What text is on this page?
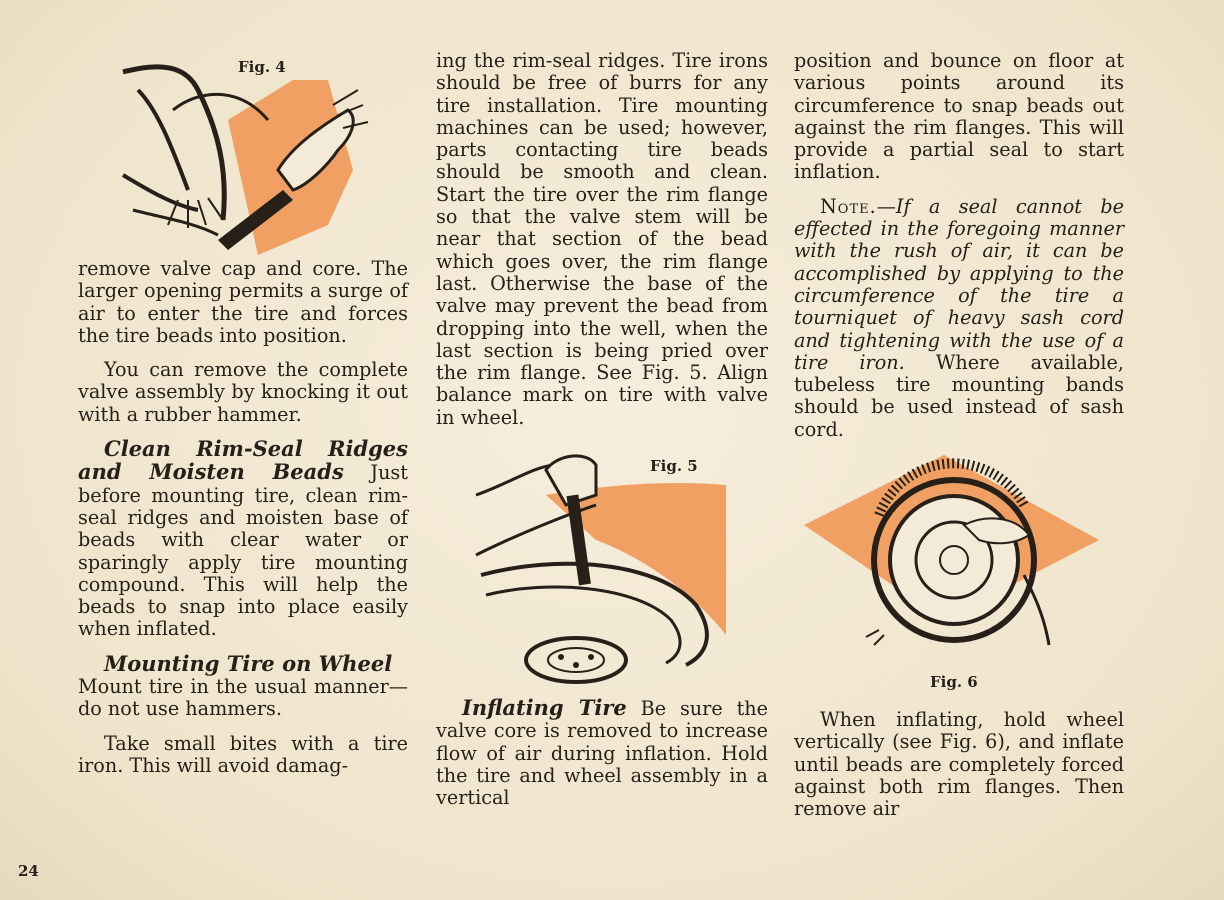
Fig. 4

remove valve cap and core. The larger opening permits a surge of air to enter the tire and forces the tire beads into position.

You can remove the complete valve assembly by knocking it out with a rubber hammer.

Clean Rim-Seal Ridges and Moisten Beads Just before mounting tire, clean rim-seal ridges and moisten base of beads with clear water or sparingly apply tire mounting compound. This will help the beads to snap into place easily when inflated.

Mounting Tire on Wheel

Mount tire in the usual manner—do not use hammers.

Take small bites with a tire iron. This will avoid damag-

ing the rim-seal ridges. Tire irons should be free of burrs for any tire installation. Tire mounting machines can be used; however, parts contacting tire beads should be smooth and clean. Start the tire over the rim flange so that the valve stem will be near that section of the bead which goes over, the rim flange last. Otherwise the base of the valve may prevent the bead from dropping into the well, when the last section is being pried over the rim flange. See Fig. 5. Align balance mark on tire with valve in wheel.

Fig. 5

Inflating Tire Be sure the valve core is removed to increase flow of air during inflation. Hold the tire and wheel assembly in a vertical

position and bounce on floor at various points around its circumference to snap beads out against the rim flanges. This will provide a partial seal to start inflation.

Note.—If a seal cannot be effected in the foregoing manner with the rush of air, it can be accomplished by applying to the circumference of the tire a tourniquet of heavy sash cord and tightening with the use of a tire iron. Where available, tubeless tire mounting bands should be used instead of sash cord.

Fig. 6

When inflating, hold wheel vertically (see Fig. 6), and inflate until beads are completely forced against both rim flanges. Then remove air

24
